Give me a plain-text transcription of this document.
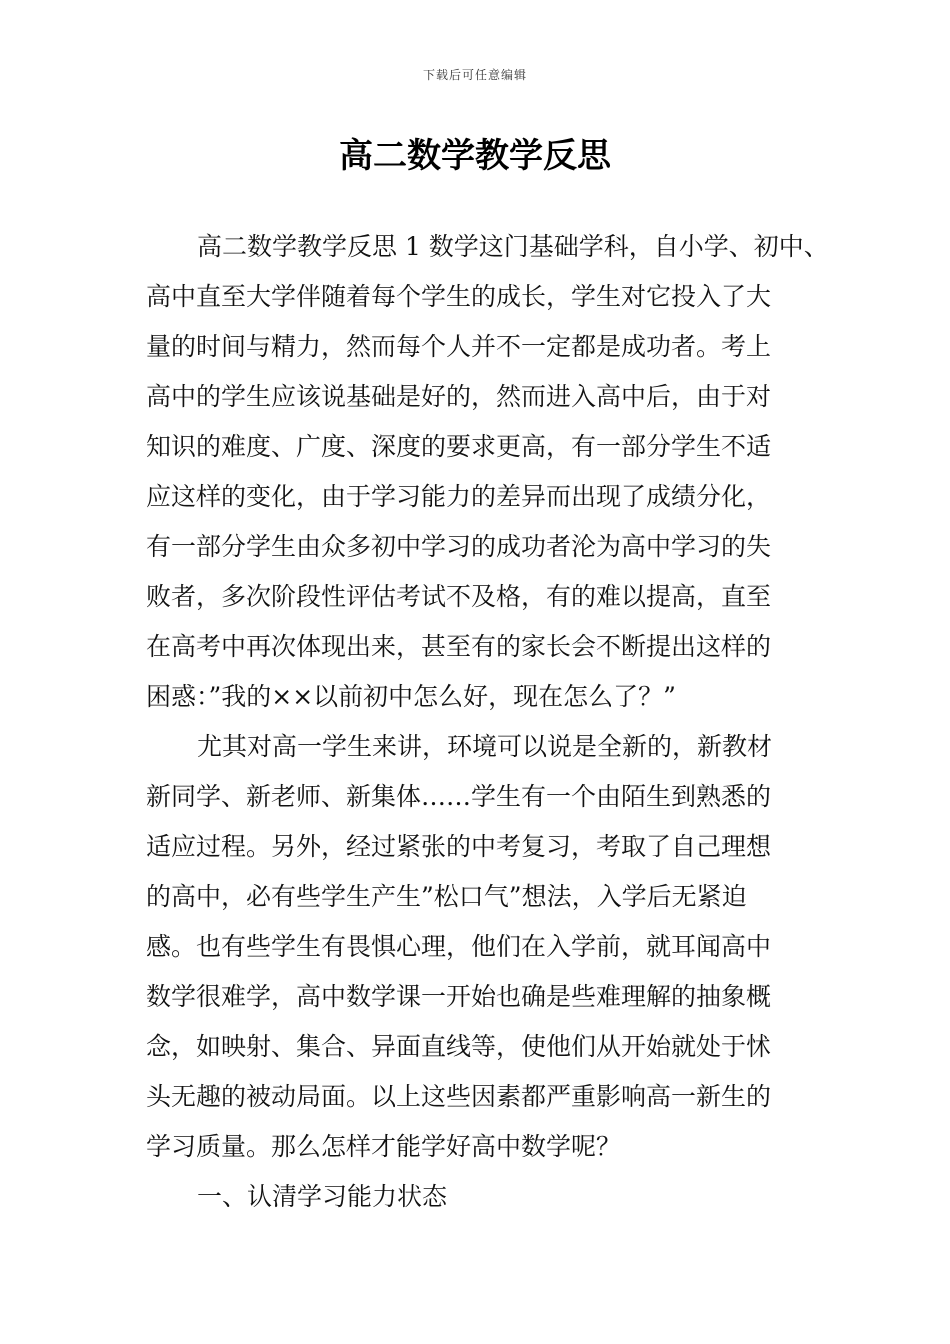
下载后可任意编辑
高二数学教学反思
高二数学教学反思 1 数学这门基础学科，自小学、初中、
高中直至大学伴随着每个学生的成长，学生对它投入了大
量的时间与精力，然而每个人并不一定都是成功者。考上
高中的学生应该说基础是好的，然而进入高中后，由于对
知识的难度、广度、深度的要求更高，有一部分学生不适
应这样的变化，由于学习能力的差异而出现了成绩分化，
有一部分学生由众多初中学习的成功者沦为高中学习的失
败者，多次阶段性评估考试不及格，有的难以提高，直至
在高考中再次体现出来，甚至有的家长会不断提出这样的
困惑：”我的××以前初中怎么好，现在怎么了？”
尤其对高一学生来讲，环境可以说是全新的，新教材
新同学、新老师、新集体……学生有一个由陌生到熟悉的
适应过程。另外，经过紧张的中考复习，考取了自己理想
的高中，必有些学生产生”松口气”想法，入学后无紧迫
感。也有些学生有畏惧心理，他们在入学前，就耳闻高中
数学很难学，高中数学课一开始也确是些难理解的抽象概
念，如映射、集合、异面直线等，使他们从开始就处于怵
头无趣的被动局面。以上这些因素都严重影响高一新生的
学习质量。那么怎样才能学好高中数学呢？
一、认清学习能力状态
